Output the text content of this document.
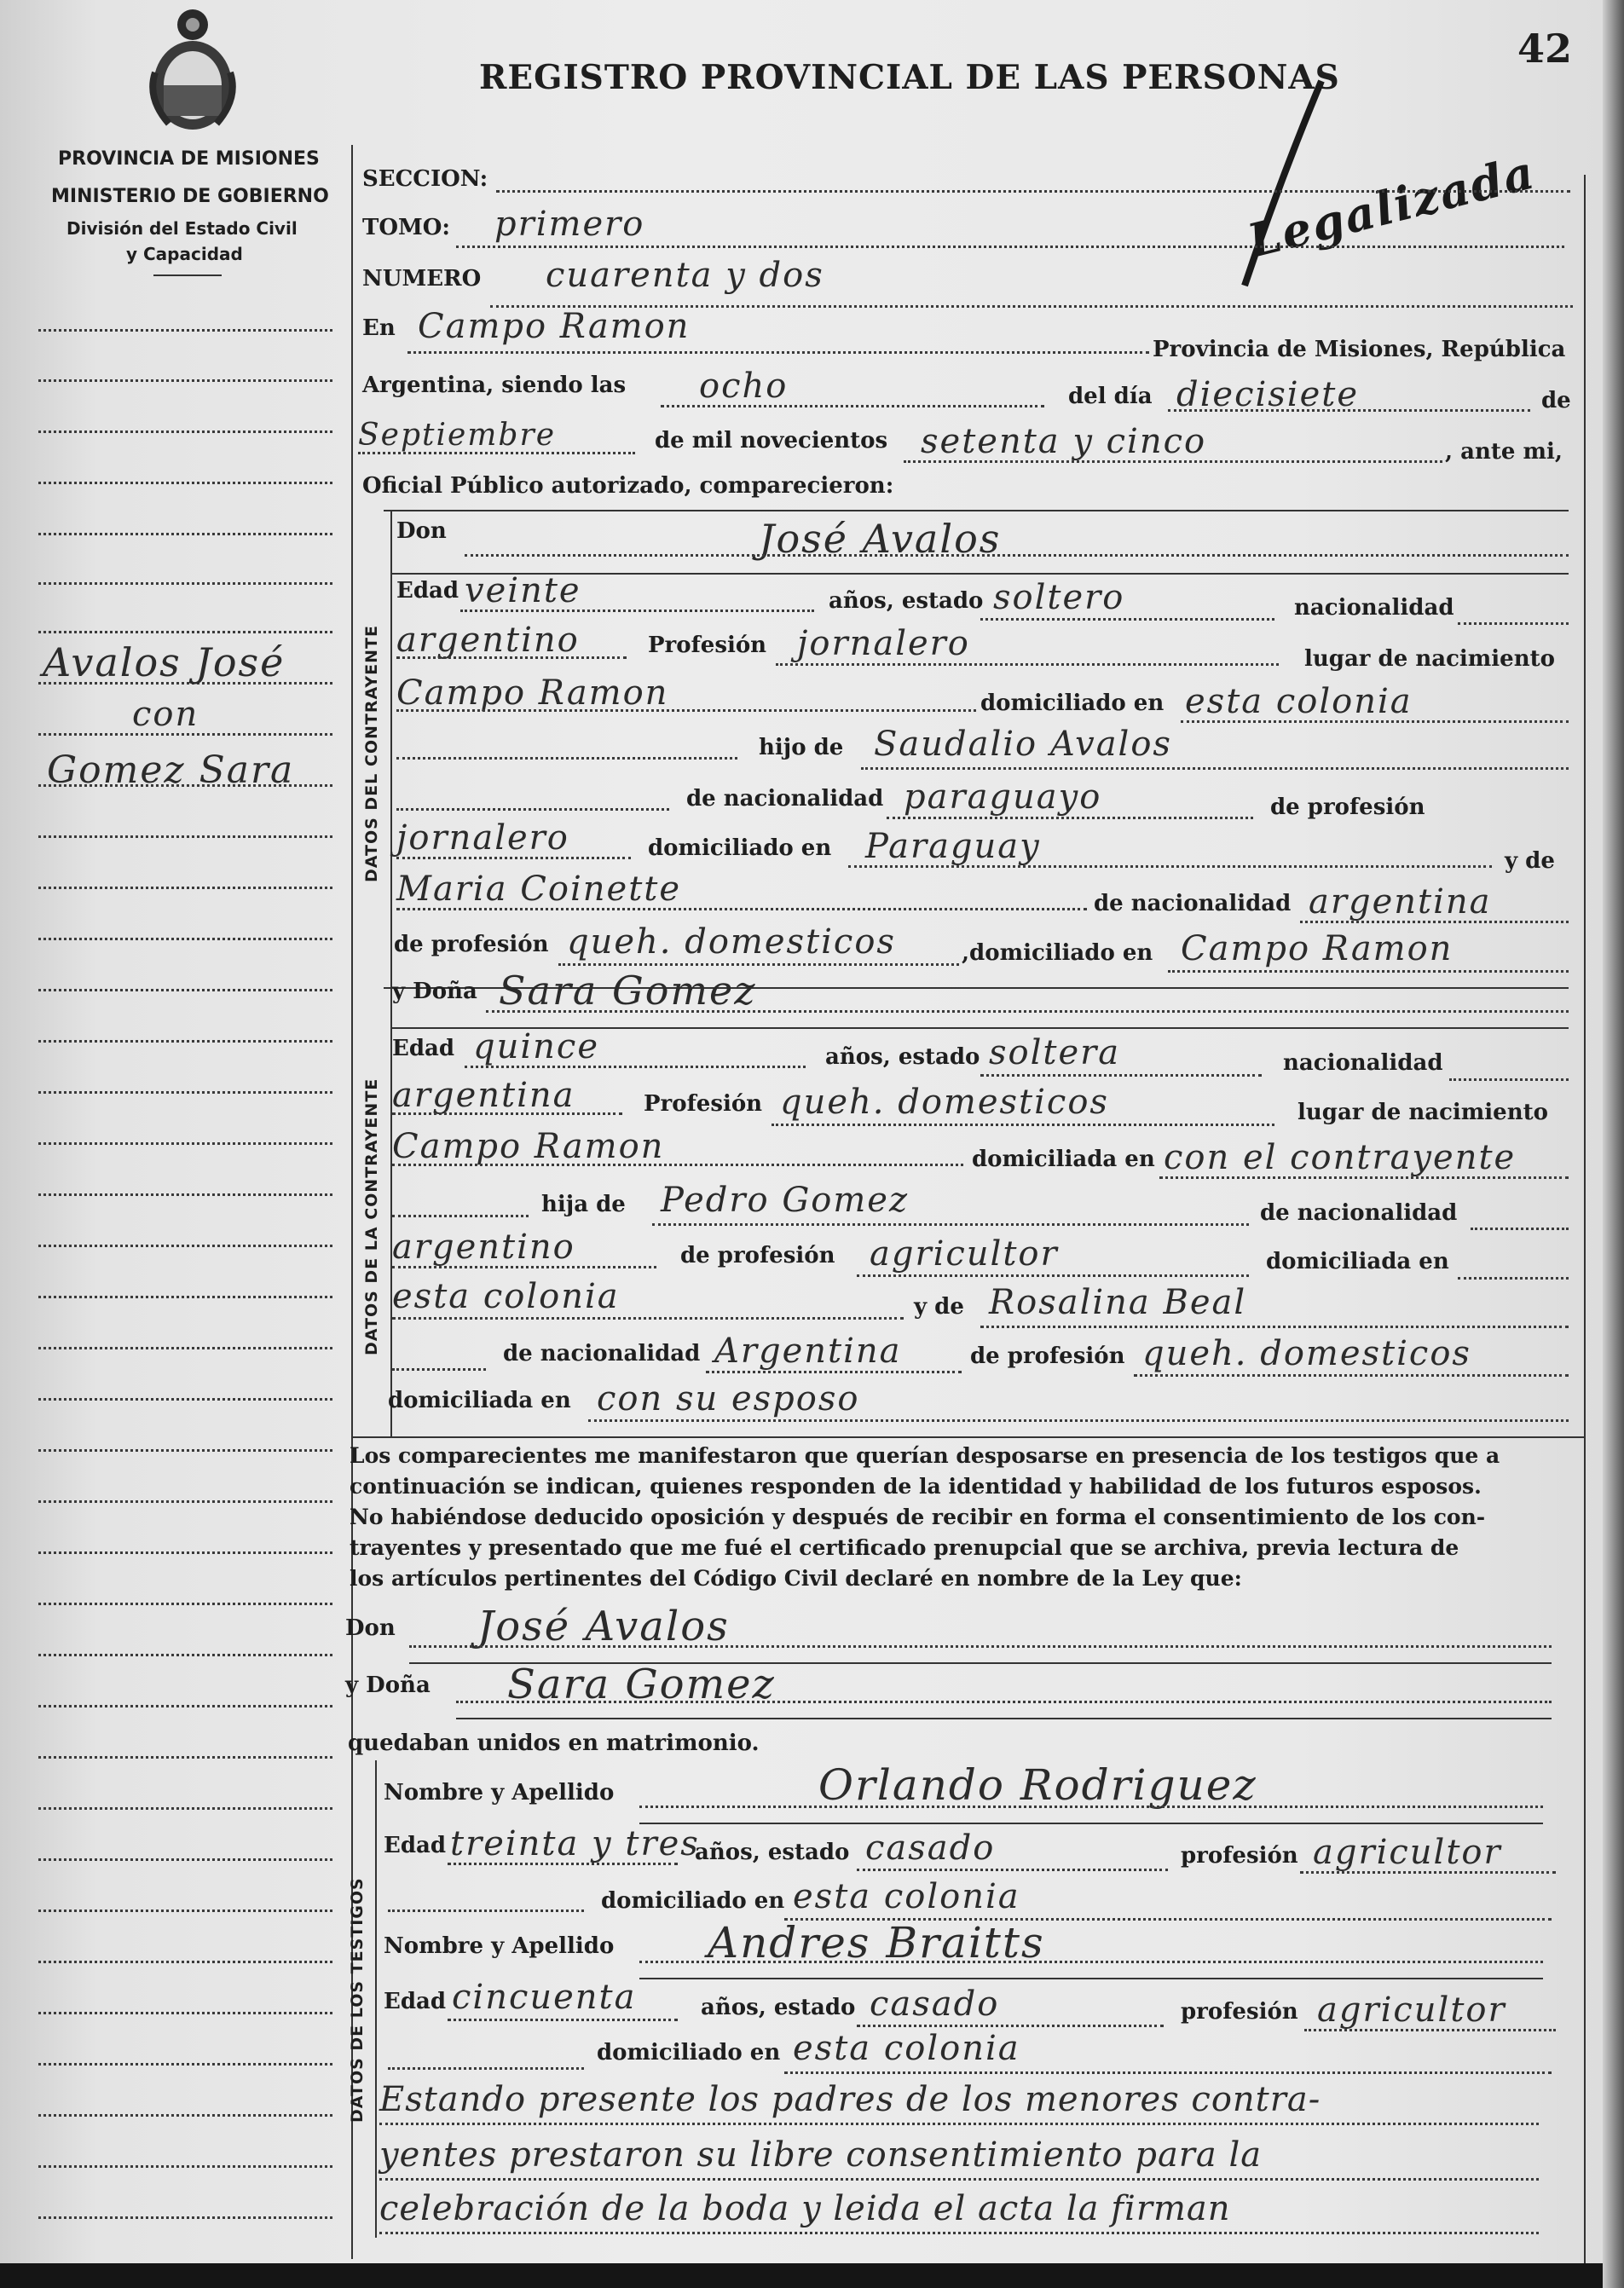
42
REGISTRO PROVINCIAL DE LAS PERSONAS
PROVINCIA DE MISIONES
MINISTERIO DE GOBIERNO
División del Estado Civil
y Capacidad	Legalizada
Avalos José
con
Gomez Sara
SECCION:
TOMO: primero
NUMERO cuarenta y dos
En Campo Ramon
Provincia de Misiones, República
Argentina, siendo las ocho	del día diecisiete	de
Septiembre	de mil novecientos setenta y cinco	, ante mi,
Oficial Público autorizado, comparecieron:
DATOS DEL CONTRAYENTE
Don	José Avalos
Edad veinte	años, estado soltero	nacionalidad
argentino	Profesión jornalero	lugar de nacimiento
Campo Ramon	domiciliado en esta colonia
hijo de Saudalio Avalos
de nacionalidad paraguayo	de profesión
jornalero	domiciliado en Paraguay	y de
Maria Coinette	de nacionalidad argentina
de profesión queh. domesticos	,domiciliado en Campo Ramon
DATOS DE LA CONTRAYENTE
y Doña Sara Gomez
Edad quince	años, estado soltera	nacionalidad
argentina	Profesión queh. domesticos	lugar de nacimiento
Campo Ramon	domiciliada en con el contrayente
hija de Pedro Gomez	de nacionalidad
argentino	de profesión agricultor	domiciliada en
esta colonia	y de Rosalina Beal
de nacionalidad Argentina	de profesión queh. domesticos
domiciliada en con su esposo
Los comparecientes me manifestaron que querían desposarse en presencia de los testigos que a
continuación se indican, quienes responden de la identidad y habilidad de los futuros esposos.
No habiéndose deducido oposición y después de recibir en forma el consentimiento de los con-
trayentes y presentado que me fué el certificado prenupcial que se archiva, previa lectura de
los artículos pertinentes del Código Civil declaré en nombre de la Ley que:
Don José Avalos
y Doña Sara Gomez
quedaban unidos en matrimonio.
DATOS DE LOS TESTIGOS
Nombre y Apellido	Orlando Rodriguez
Edad treinta y tres
años, estado casado	profesión agricultor
domiciliado en esta colonia
Nombre y Apellido Andres Braitts
Edad cincuenta	años, estado casado	profesión agricultor
domiciliado en esta colonia
Estando presente los padres de los menores contra-
yentes prestaron su libre consentimiento para la
celebración de la boda y leida el acta la firman
